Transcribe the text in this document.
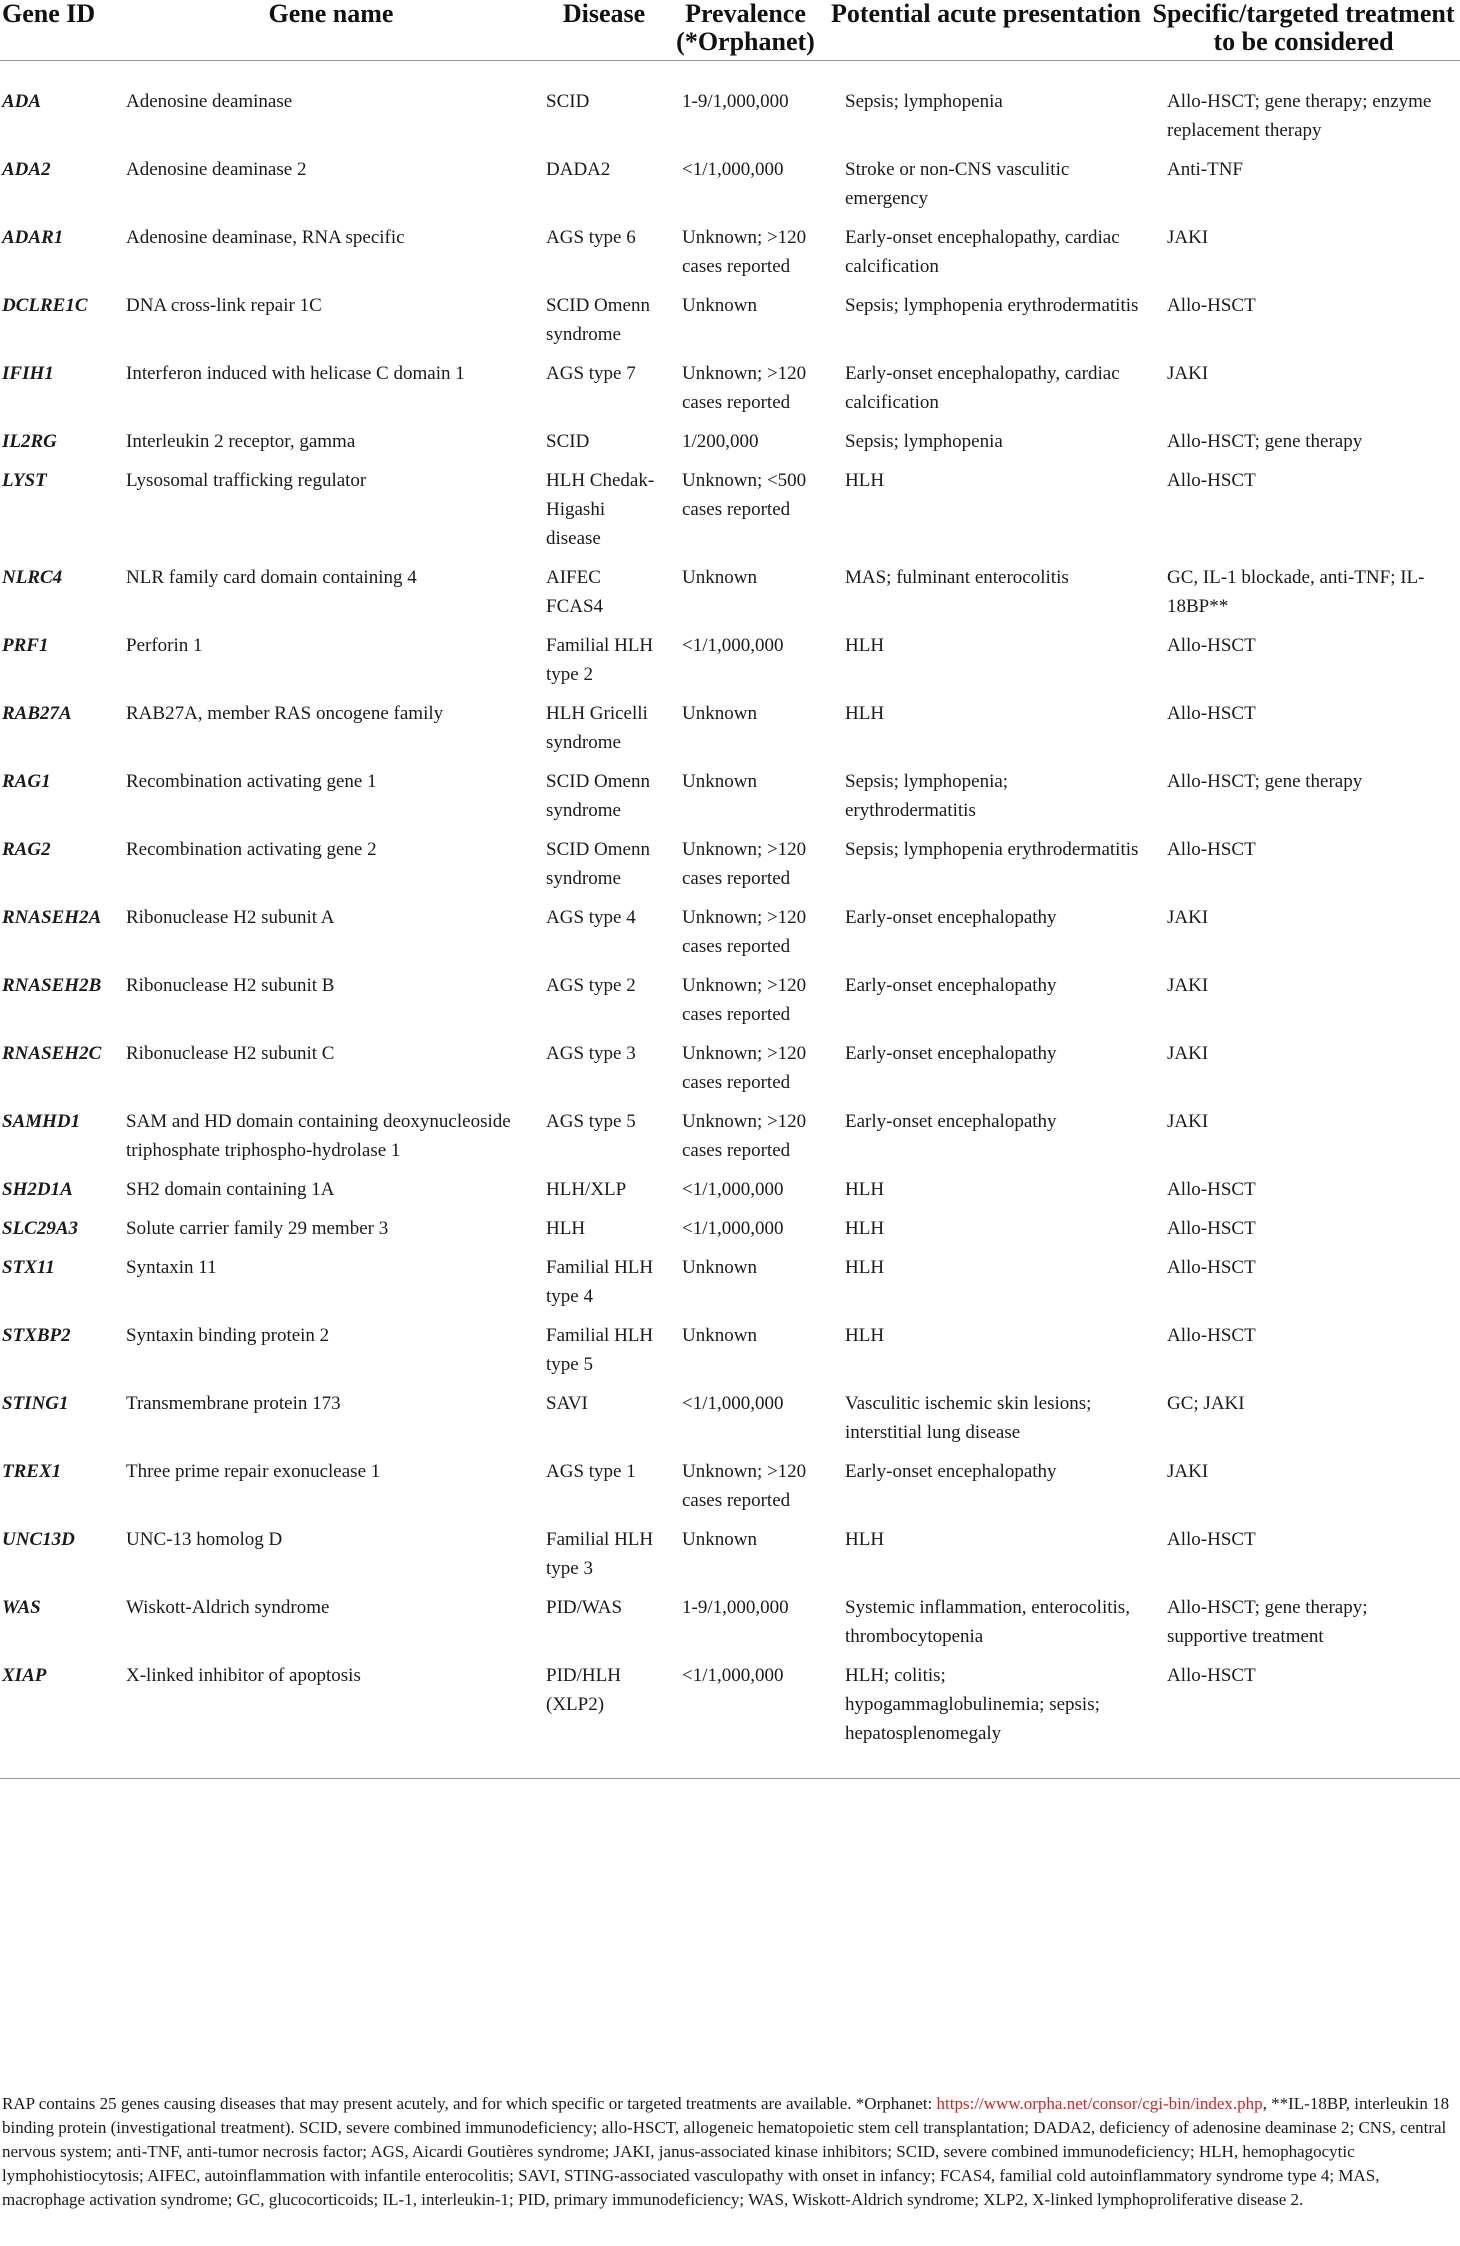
Gene ID	Gene name	Disease	Prevalence (*Orphanet)	Potential acute presentation	Specific/targeted treatment to be considered
ADA	Adenosine deaminase	SCID	1-9/1,000,000	Sepsis; lymphopenia	Allo-HSCT; gene therapy; enzyme replacement therapy
ADA2	Adenosine deaminase 2	DADA2	<1/1,000,000	Stroke or non-CNS vasculitic emergency	Anti-TNF
ADAR1	Adenosine deaminase, RNA specific	AGS type 6	Unknown; >120 cases reported	Early-onset encephalopathy, cardiac calcification	JAKI
DCLRE1C	DNA cross-link repair 1C	SCID Omenn syndrome	Unknown	Sepsis; lymphopenia erythrodermatitis	Allo-HSCT
IFIH1	Interferon induced with helicase C domain 1	AGS type 7	Unknown; >120 cases reported	Early-onset encephalopathy, cardiac calcification	JAKI
IL2RG	Interleukin 2 receptor, gamma	SCID	1/200,000	Sepsis; lymphopenia	Allo-HSCT; gene therapy
LYST	Lysosomal trafficking regulator	HLH Chedak-Higashi disease	Unknown; <500 cases reported	HLH	Allo-HSCT
NLRC4	NLR family card domain containing 4	AIFEC FCAS4	Unknown	MAS; fulminant enterocolitis	GC, IL-1 blockade, anti-TNF; IL-18BP**
PRF1	Perforin 1	Familial HLH type 2	<1/1,000,000	HLH	Allo-HSCT
RAB27A	RAB27A, member RAS oncogene family	HLH Gricelli syndrome	Unknown	HLH	Allo-HSCT
RAG1	Recombination activating gene 1	SCID Omenn syndrome	Unknown	Sepsis; lymphopenia; erythrodermatitis	Allo-HSCT; gene therapy
RAG2	Recombination activating gene 2	SCID Omenn syndrome	Unknown; >120 cases reported	Sepsis; lymphopenia erythrodermatitis	Allo-HSCT
RNASEH2A	Ribonuclease H2 subunit A	AGS type 4	Unknown; >120 cases reported	Early-onset encephalopathy	JAKI
RNASEH2B	Ribonuclease H2 subunit B	AGS type 2	Unknown; >120 cases reported	Early-onset encephalopathy	JAKI
RNASEH2C	Ribonuclease H2 subunit C	AGS type 3	Unknown; >120 cases reported	Early-onset encephalopathy	JAKI
SAMHD1	SAM and HD domain containing deoxynucleoside triphosphate triphospho-hydrolase 1	AGS type 5	Unknown; >120 cases reported	Early-onset encephalopathy	JAKI
SH2D1A	SH2 domain containing 1A	HLH/XLP	<1/1,000,000	HLH	Allo-HSCT
SLC29A3	Solute carrier family 29 member 3	HLH	<1/1,000,000	HLH	Allo-HSCT
STX11	Syntaxin 11	Familial HLH type 4	Unknown	HLH	Allo-HSCT
STXBP2	Syntaxin binding protein 2	Familial HLH type 5	Unknown	HLH	Allo-HSCT
STING1	Transmembrane protein 173	SAVI	<1/1,000,000	Vasculitic ischemic skin lesions; interstitial lung disease	GC; JAKI
TREX1	Three prime repair exonuclease 1	AGS type 1	Unknown; >120 cases reported	Early-onset encephalopathy	JAKI
UNC13D	UNC-13 homolog D	Familial HLH type 3	Unknown	HLH	Allo-HSCT
WAS	Wiskott-Aldrich syndrome	PID/WAS	1-9/1,000,000	Systemic inflammation, enterocolitis, thrombocytopenia	Allo-HSCT; gene therapy; supportive treatment
XIAP	X-linked inhibitor of apoptosis	PID/HLH (XLP2)	<1/1,000,000	HLH; colitis; hypogammaglobulinemia; sepsis; hepatosplenomegaly	Allo-HSCT
RAP contains 25 genes causing diseases that may present acutely, and for which specific or targeted treatments are available. *Orphanet: https://www.orpha.net/consor/cgi-bin/index.php, **IL-18BP, interleukin 18 binding protein (investigational treatment). SCID, severe combined immunodeficiency; allo-HSCT, allogeneic hematopoietic stem cell transplantation; DADA2, deficiency of adenosine deaminase 2; CNS, central nervous system; anti-TNF, anti-tumor necrosis factor; AGS, Aicardi Goutières syndrome; JAKI, janus-associated kinase inhibitors; SCID, severe combined immunodeficiency; HLH, hemophagocytic lymphohistiocytosis; AIFEC, autoinflammation with infantile enterocolitis; SAVI, STING-associated vasculopathy with onset in infancy; FCAS4, familial cold autoinflammatory syndrome type 4; MAS, macrophage activation syndrome; GC, glucocorticoids; IL-1, interleukin-1; PID, primary immunodeficiency; WAS, Wiskott-Aldrich syndrome; XLP2, X-linked lymphoproliferative disease 2.
